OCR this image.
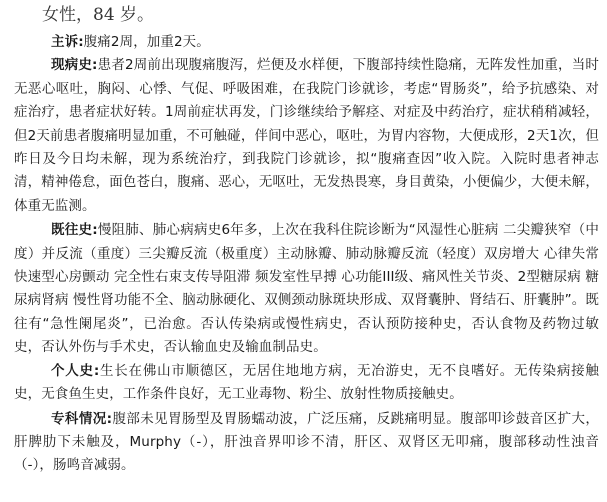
女性，84 岁。

主诉:腹痛2周，加重2天。

现病史:患者2周前出现腹痛腹泻，烂便及水样便，下腹部持续性隐痛，无阵发性加重，当时无恶心呕吐，胸闷、心悸、气促、呼吸困难，在我院门诊就诊，考虑“胃肠炎”，给予抗感染、对症治疗，患者症状好转。1周前症状再发，门诊继续给予解痉、对症及中药治疗，症状稍稍减轻，但2天前患者腹痛明显加重，不可触碰，伴间中恶心，呕吐，为胃内容物，大便成形，2天1次，但昨日及今日均未解，现为系统治疗，到我院门诊就诊，拟“腹痛查因”收入院。入院时患者神志清，精神倦怠，面色苍白，腹痛、恶心，无呕吐，无发热畏寒，身目黄染，小便偏少，大便未解，体重无监测。

既往史:慢阻肺、肺心病病史6年多，上次在我科住院诊断为“风湿性心脏病 二尖瓣狭窄（中度）并反流（重度）三尖瓣反流（极重度）主动脉瓣、肺动脉瓣反流（轻度）双房增大 心律失常 快速型心房颤动 完全性右束支传导阻滞 频发室性早搏 心功能III级、痛风性关节炎、2型糖尿病 糖尿病肾病 慢性肾功能不全、脑动脉硬化、双侧颈动脉斑块形成、双肾囊肿、肾结石、肝囊肿”。既往有“急性阑尾炎”，已治愈。否认传染病或慢性病史，否认预防接种史，否认食物及药物过敏史，否认外伤与手术史，否认输血史及输血制品史。

个人史:生长在佛山市顺德区，无居住地地方病，无冶游史，无不良嗜好。无传染病接触史，无食鱼生史，工作条件良好，无工业毒物、粉尘、放射性物质接触史。

专科情况:腹部未见胃肠型及胃肠蠕动波，广泛压痛，反跳痛明显。腹部叩诊鼓音区扩大，肝脾肋下未触及，Murphy（-），肝浊音界叩诊不清，肝区、双肾区无叩痛，腹部移动性浊音（-），肠鸣音减弱。
